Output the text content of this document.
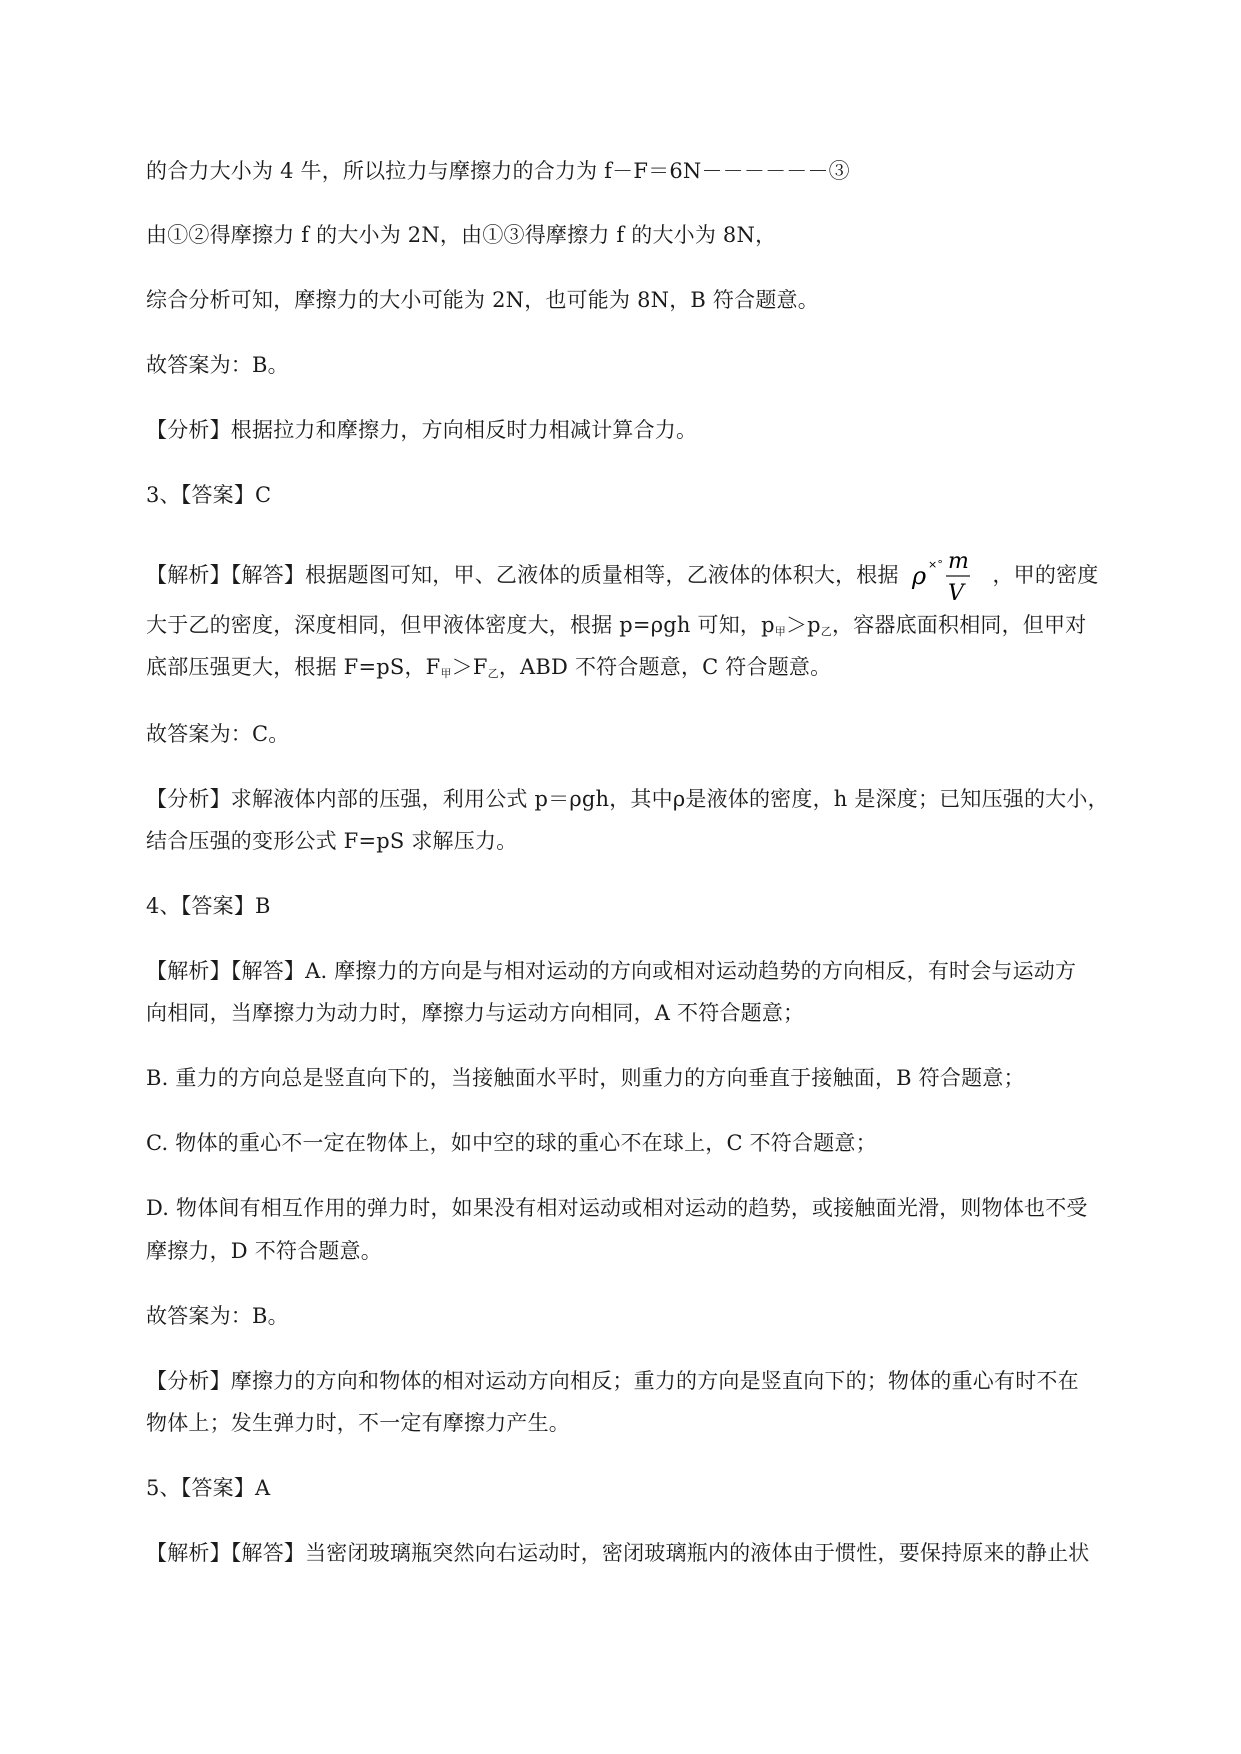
的合力大小为 4 牛，所以拉力与摩擦力的合力为 f－F＝6N－－－－－－③
由①②得摩擦力 f 的大小为 2N，由①③得摩擦力 f 的大小为 8N，
综合分析可知，摩擦力的大小可能为 2N，也可能为 8N，B 符合题意。
故答案为：B。
【分析】根据拉力和摩擦力，方向相反时力相减计算合力。
3、【答案】C
【解析】【解答】根据题图可知，甲、乙液体的质量相等，乙液体的体积大，根据 ρ ×° m
V
，甲的密度
大于乙的密度，深度相同，但甲液体密度大，根据 p=ρgh 可知，$p_甲>p_乙$，容器底面积相同，但甲对
底部压强更大，根据 F=pS，$F_甲>F_乙$，ABD 不符合题意，C 符合题意。
故答案为：C。
【分析】求解液体内部的压强，利用公式 p＝ρgh，其中ρ是液体的密度，h 是深度；已知压强的大小，
结合压强的变形公式 F=pS 求解压力。
4、【答案】B
【解析】【解答】A. 摩擦力的方向是与相对运动的方向或相对运动趋势的方向相反，有时会与运动方
向相同，当摩擦力为动力时，摩擦力与运动方向相同，A 不符合题意；
B. 重力的方向总是竖直向下的，当接触面水平时，则重力的方向垂直于接触面，B 符合题意；
C. 物体的重心不一定在物体上，如中空的球的重心不在球上，C 不符合题意；
D. 物体间有相互作用的弹力时，如果没有相对运动或相对运动的趋势，或接触面光滑，则物体也不受
摩擦力，D 不符合题意。
故答案为：B。
【分析】摩擦力的方向和物体的相对运动方向相反；重力的方向是竖直向下的；物体的重心有时不在
物体上；发生弹力时，不一定有摩擦力产生。
5、【答案】A
【解析】【解答】当密闭玻璃瓶突然向右运动时，密闭玻璃瓶内的液体由于惯性，要保持原来的静止状
